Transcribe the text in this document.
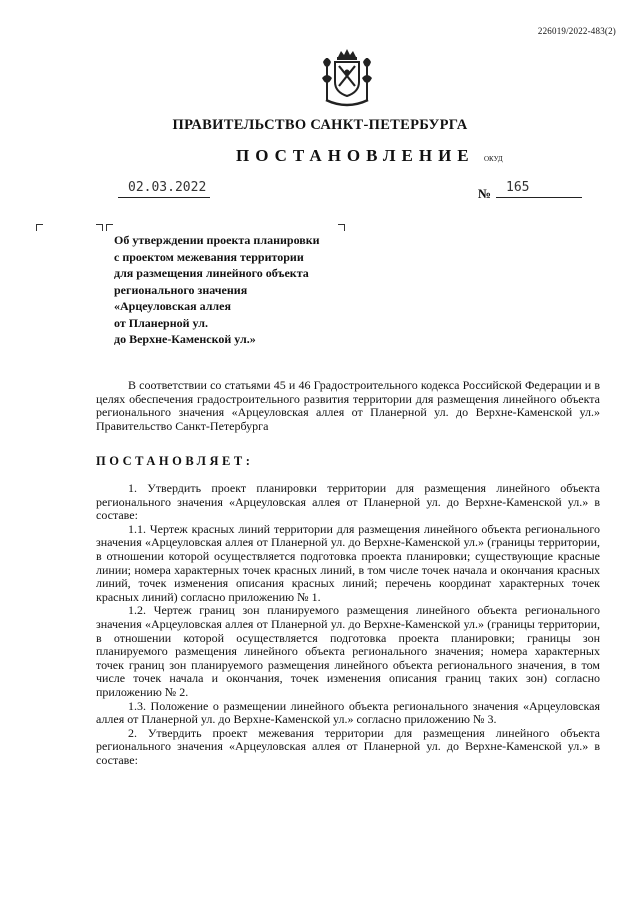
226019/2022-483(2)
ПРАВИТЕЛЬСТВО САНКТ-ПЕТЕРБУРГА
ПОСТАНОВЛЕНИЕ ОКУД
02.03.2022	№ 165
Об утверждении проекта планировки
с проектом межевания территории
для размещения линейного объекта
регионального значения
«Арцеуловская аллея
от Планерной ул.
до Верхне-Каменской ул.»

В соответствии со статьями 45 и 46 Градостроительного кодекса Российской Федерации и в целях обеспечения градостроительного развития территории для размещения линейного объекта регионального значения «Арцеуловская аллея от Планерной ул. до Верхне-Каменской ул.» Правительство Санкт-Петербурга

ПОСТАНОВЛЯЕТ:

1. Утвердить проект планировки территории для размещения линейного объекта регионального значения «Арцеуловская аллея от Планерной ул. до Верхне-Каменской ул.» в составе:

1.1. Чертеж красных линий территории для размещения линейного объекта регионального значения «Арцеуловская аллея от Планерной ул. до Верхне-Каменской ул.» (границы территории, в отношении которой осуществляется подготовка проекта планировки; существующие красные линии; номера характерных точек красных линий, в том числе точек начала и окончания красных линий, точек изменения описания красных линий; перечень координат характерных точек красных линий) согласно приложению № 1.

1.2. Чертеж границ зон планируемого размещения линейного объекта регионального значения «Арцеуловская аллея от Планерной ул. до Верхне-Каменской ул.» (границы территории, в отношении которой осуществляется подготовка проекта планировки; границы зон планируемого размещения линейного объекта регионального значения; номера характерных точек границ зон планируемого размещения линейного объекта регионального значения, в том числе точек начала и окончания, точек изменения описания границ таких зон) согласно приложению № 2.

1.3. Положение о размещении линейного объекта регионального значения «Арцеуловская аллея от Планерной ул. до Верхне-Каменской ул.» согласно приложению № 3.

2. Утвердить проект межевания территории для размещения линейного объекта регионального значения «Арцеуловская аллея от Планерной ул. до Верхне-Каменской ул.» в составе:
